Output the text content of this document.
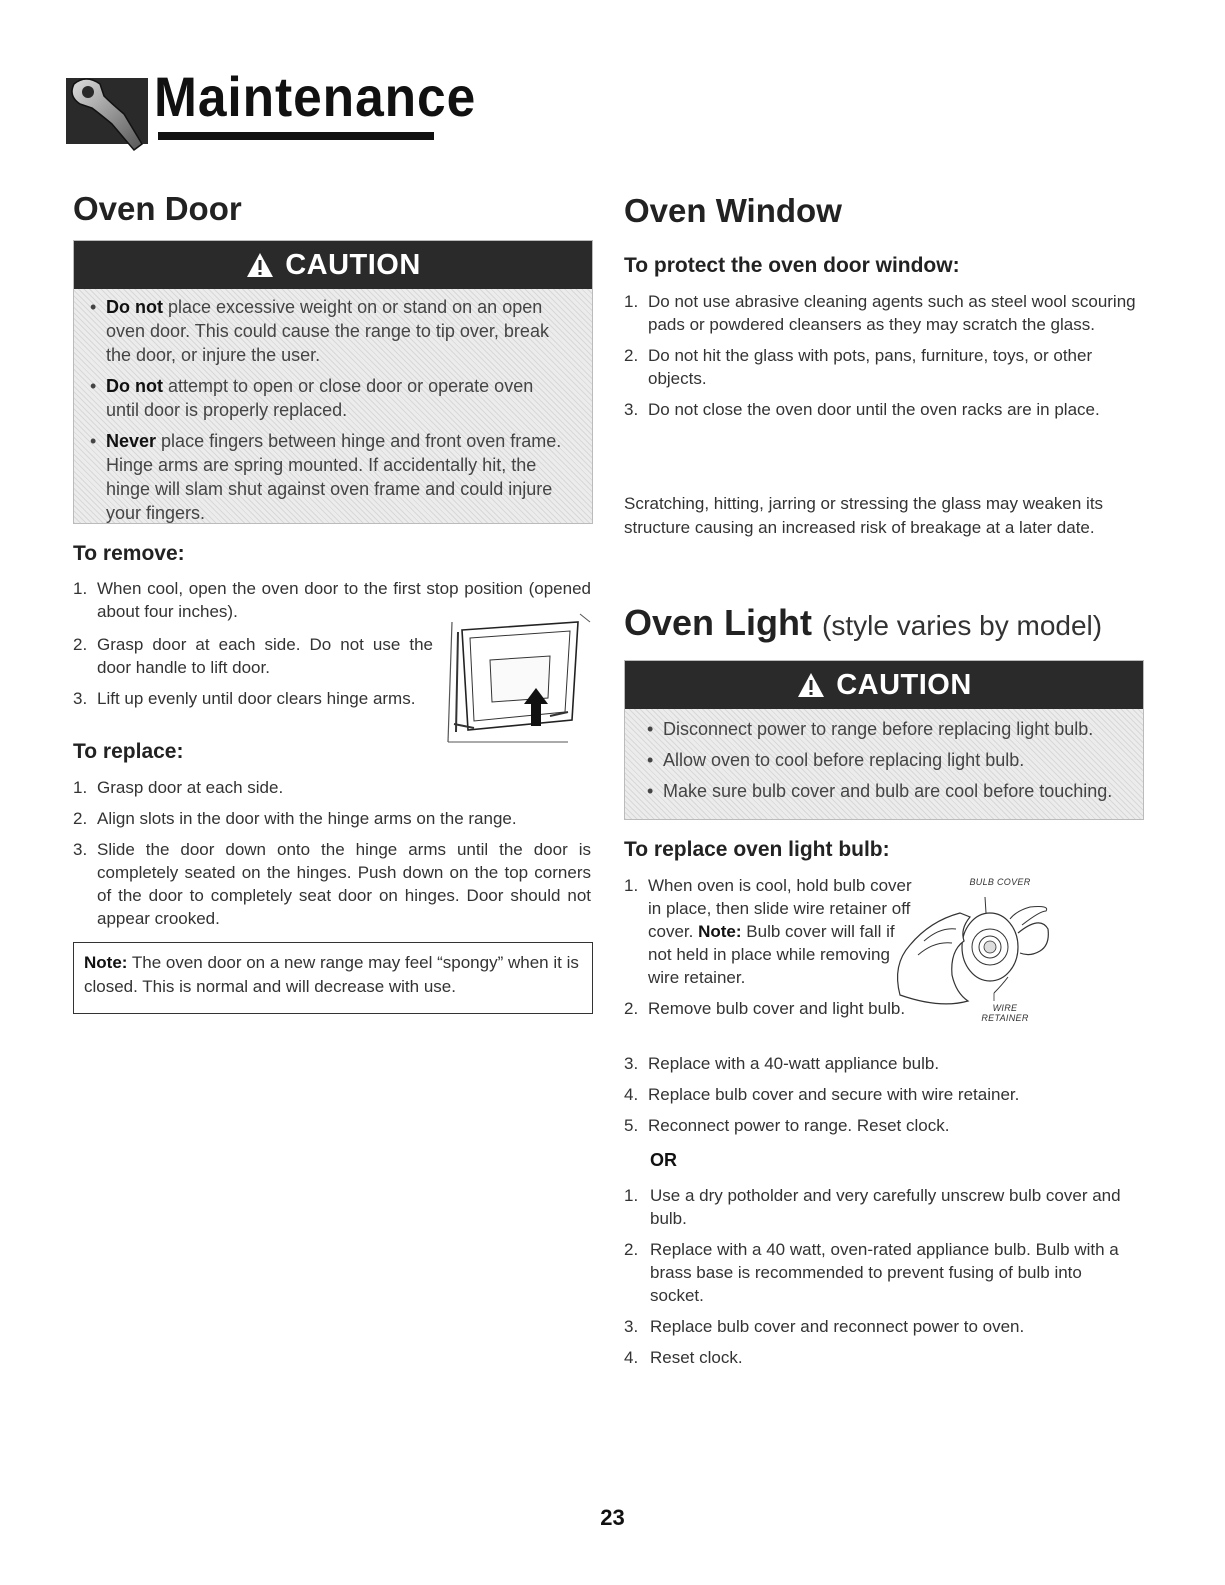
Maintenance
Oven Door
CAUTION
• Do not place excessive weight on or stand on an open oven door. This could cause the range to tip over, break the door, or injure the user.
• Do not attempt to open or close door or operate oven until door is properly replaced.
• Never place fingers between hinge and front oven frame. Hinge arms are spring mounted. If accidentally hit, the hinge will slam shut against oven frame and could injure your fingers.
To remove:
1. When cool, open the oven door to the first stop position (opened about four inches).
2. Grasp door at each side. Do not use the door handle to lift door.
3. Lift up evenly until door clears hinge arms.
To replace:
1. Grasp door at each side.
2. Align slots in the door with the hinge arms on the range.
3. Slide the door down onto the hinge arms until the door is completely seated on the hinges. Push down on the top corners of the door to completely seat door on hinges. Door should not appear crooked.
Note: The oven door on a new range may feel “spongy” when it is closed. This is normal and will decrease with use.
Oven Window
To protect the oven door window:
1. Do not use abrasive cleaning agents such as steel wool scouring pads or powdered cleansers as they may scratch the glass.
2. Do not hit the glass with pots, pans, furniture, toys, or other objects.
3. Do not close the oven door until the oven racks are in place.
Scratching, hitting, jarring or stressing the glass may weaken its structure causing an increased risk of breakage at a later date.
Oven Light (style varies by model)
CAUTION
• Disconnect power to range before replacing light bulb.
• Allow oven to cool before replacing light bulb.
• Make sure bulb cover and bulb are cool before touching.
To replace oven light bulb:
1. When oven is cool, hold bulb cover in place, then slide wire retainer off cover. Note: Bulb cover will fall if not held in place while removing wire retainer.
2. Remove bulb cover and light bulb.
BULB COVER
WIRE
RETAINER
3. Replace with a 40-watt appliance bulb.
4. Replace bulb cover and secure with wire retainer.
5. Reconnect power to range. Reset clock.
OR
1. Use a dry potholder and very carefully unscrew bulb cover and bulb.
2. Replace with a 40 watt, oven-rated appliance bulb. Bulb with a brass base is recommended to prevent fusing of bulb into socket.
3. Replace bulb cover and reconnect power to oven.
4. Reset clock.
23
